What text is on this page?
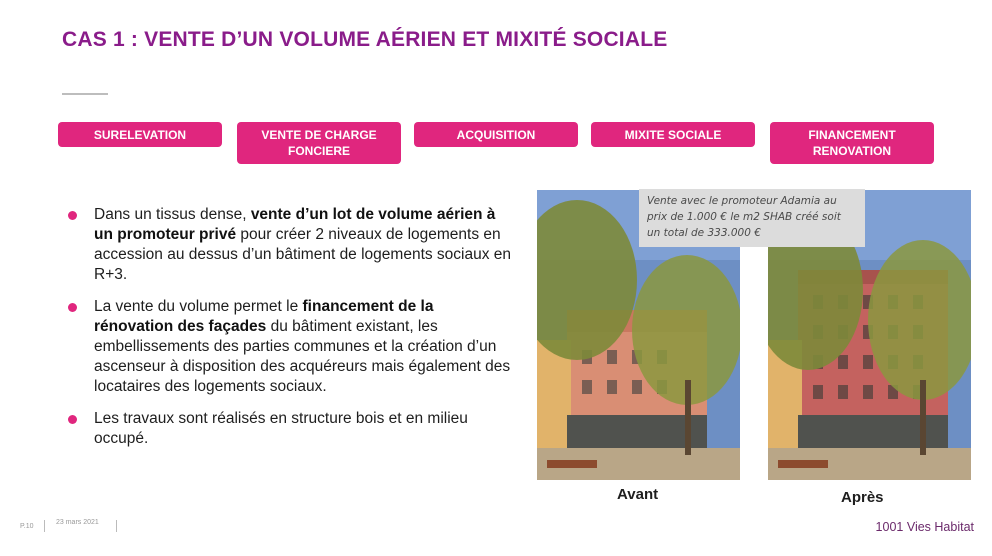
CAS 1 : VENTE D’UN VOLUME AÉRIEN ET MIXITÉ SOCIALE
SURELEVATION	VENTE DE CHARGE
FONCIERE
ACQUISITION	MIXITE SOCIALE	FINANCEMENT
RENOVATION
Dans un tissus dense, vente d’un lot de volume aérien à un promoteur privé pour créer 2 niveaux de logements en accession au dessus d’un bâtiment de logements sociaux en R+3.
La vente du volume permet le financement de la rénovation des façades du bâtiment existant, les embellissements des parties communes et la création d’un ascenseur à disposition des acquéreurs mais également des locataires des logements sociaux.
Les travaux sont réalisés en structure bois et en milieu occupé.
Vente avec le promoteur Adamia au
prix de 1.000 € le m2 SHAB créé soit
un total de 333.000 €
Avant	Après
P.10
23 mars 2021	1001 Vies Habitat
